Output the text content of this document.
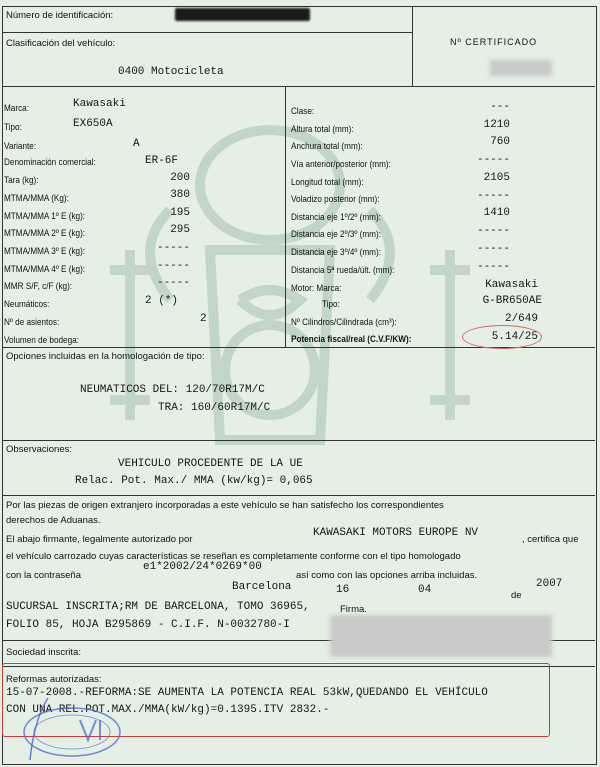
Número de identificación:
Clasificación del vehículo:
0400 Motocicleta
Nº CERTIFICADO
Marca:	Kawasaki
Tipo:	EX650A
Variante:	A
Denominación comercial:	ER-6F
Tara (kg):	200
MTMA/MMA (Kg):	380
MTMA/MMA 1º E (kg):	195
MTMA/MMA 2º E (kg):	295
MTMA/MMA 3º E (kg):	-----
MTMA/MMA 4º E (kg):	-----
MMR S/F, c/F (kg):	-----
Neumáticos:	2 (*)
Nº de asientos:	2
Volumen de bodega:
Clase:	---
Altura total (mm):	1210
Anchura total (mm):	760
Vía anterior/posterior (mm):	-----
Longitud total (mm):	2105
Voladizo posterior (mm):	-----
Distancia eje 1º/2º (mm):	1410
Distancia eje 2º/3º (mm):	-----
Distancia eje 3º/4º (mm):	-----
Distancia 5ª rueda/últ. (mm):	-----
Motor: Marca:	Kawasaki
Tipo:	G-BR650AE
Nº Cilindros/Cilindrada (cm³):	2/649
Potencia fiscal/real (C.V.F/KW):	5.14/25
Opciones incluidas en la homologación de tipo:
NEUMATICOS DEL: 120/70R17M/C
TRA: 160/60R17M/C
Observaciones:
VEHICULO PROCEDENTE DE LA UE
Relac. Pot. Max./ MMA (kw/kg)= 0,065
Por las piezas de origen extranjero incorporadas a este vehículo se han satisfecho los correspondientes
derechos de Aduanas.
El abajo firmante, legalmente autorizado por
KAWASAKI MOTORS EUROPE NV
, certifica que
el vehículo carrozado cuyas características se reseñan es completamente conforme con el tipo homologado
e1*2002/24*0269*00
con la contraseña	así como con las opciones arriba incluidas.
Barcelona	16	04	de
2007
SUCURSAL INSCRITA;RM DE BARCELONA, TOMO 36965,	Firma.
FOLIO 85, HOJA B295869 - C.I.F. N-0032780-I
Sociedad inscrita:
Reformas autorizadas:
15-07-2008.-REFORMA:SE AUMENTA LA POTENCIA REAL 53kW,QUEDANDO EL VEHÍCULO
CON UNA REL.POT.MAX./MMA(kW/kg)=0.1395.ITV 2832.-
